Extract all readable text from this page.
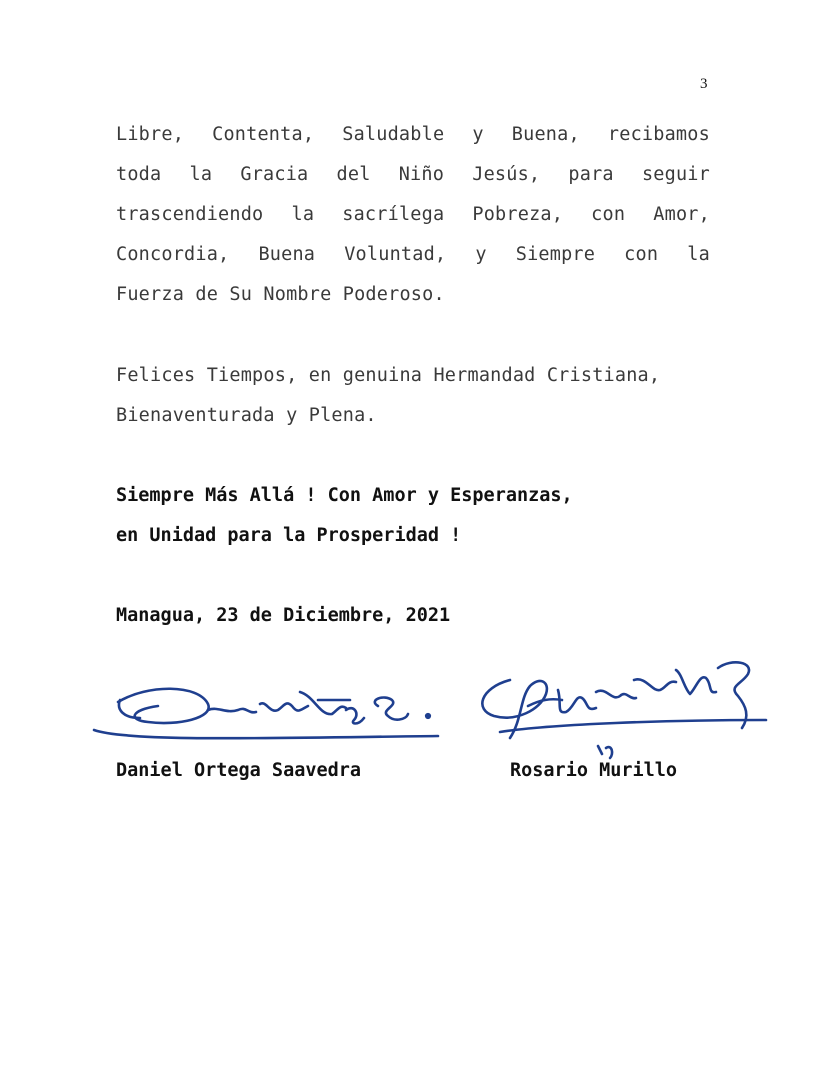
3
Libre, Contenta, Saludable y Buena, recibamos
toda la Gracia del Niño Jesús, para seguir
trascendiendo la sacrílega Pobreza, con Amor,
Concordia, Buena Voluntad, y Siempre con la
Fuerza de Su Nombre Poderoso.
Felices Tiempos, en genuina Hermandad Cristiana,
Bienaventurada y Plena.
Siempre Más Allá ! Con Amor y Esperanzas,
en Unidad para la Prosperidad !
Managua, 23 de Diciembre, 2021
Daniel Ortega Saavedra	Rosario Murillo
